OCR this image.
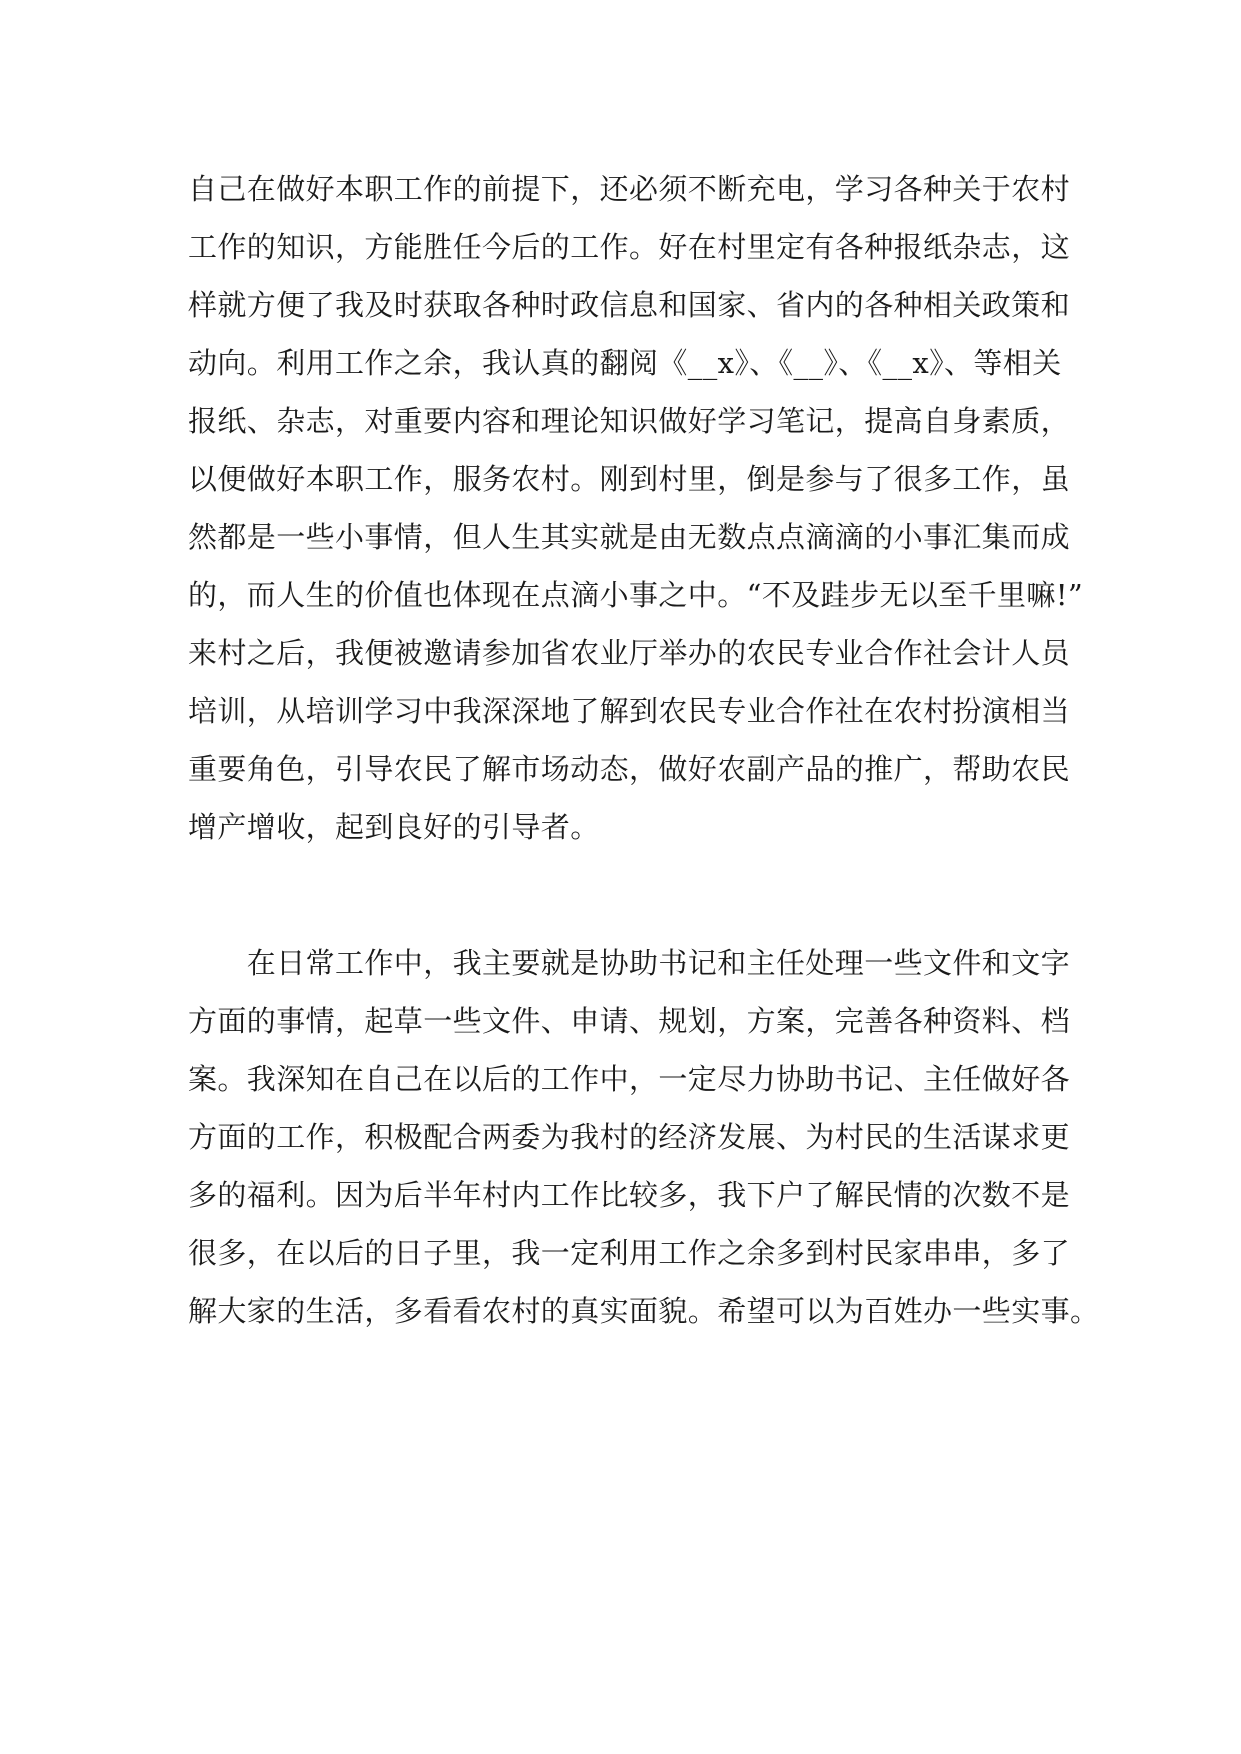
自己在做好本职工作的前提下，还必须不断充电，学习各种关于农村
工作的知识，方能胜任今后的工作。好在村里定有各种报纸杂志，这
样就方便了我及时获取各种时政信息和国家、省内的各种相关政策和
动向。利用工作之余，我认真的翻阅《__x》、《__》、《__x》、等相关
报纸、杂志，对重要内容和理论知识做好学习笔记，提高自身素质，
以便做好本职工作，服务农村。刚到村里，倒是参与了很多工作，虽
然都是一些小事情，但人生其实就是由无数点点滴滴的小事汇集而成
的，而人生的价值也体现在点滴小事之中。“不及跬步无以至千里嘛!”
来村之后，我便被邀请参加省农业厅举办的农民专业合作社会计人员
培训，从培训学习中我深深地了解到农民专业合作社在农村扮演相当
重要角色，引导农民了解市场动态，做好农副产品的推广，帮助农民
增产增收，起到良好的引导者。
　　在日常工作中，我主要就是协助书记和主任处理一些文件和文字
方面的事情，起草一些文件、申请、规划，方案，完善各种资料、档
案。我深知在自己在以后的工作中，一定尽力协助书记、主任做好各
方面的工作，积极配合两委为我村的经济发展、为村民的生活谋求更
多的福利。因为后半年村内工作比较多，我下户了解民情的次数不是
很多，在以后的日子里，我一定利用工作之余多到村民家串串，多了
解大家的生活，多看看农村的真实面貌。希望可以为百姓办一些实事。
